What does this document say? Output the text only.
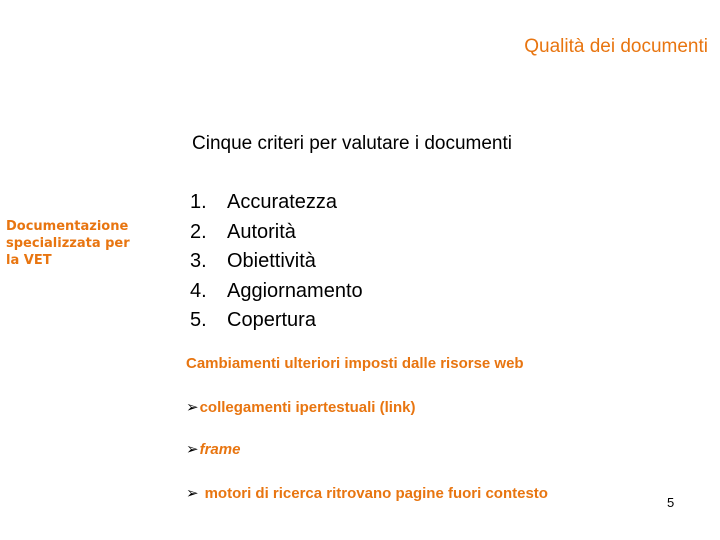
Qualità dei documenti
Documentazione
specializzata per
la VET
Cinque criteri per valutare i documenti
1.	Accuratezza
2.	Autorità
3.	Obiettività
4.	Aggiornamento
5.	Copertura
Cambiamenti ulteriori imposti dalle risorse web
➢ collegamenti ipertestuali (link)
➢ frame
➢ motori di ricerca ritrovano pagine fuori contesto
5
